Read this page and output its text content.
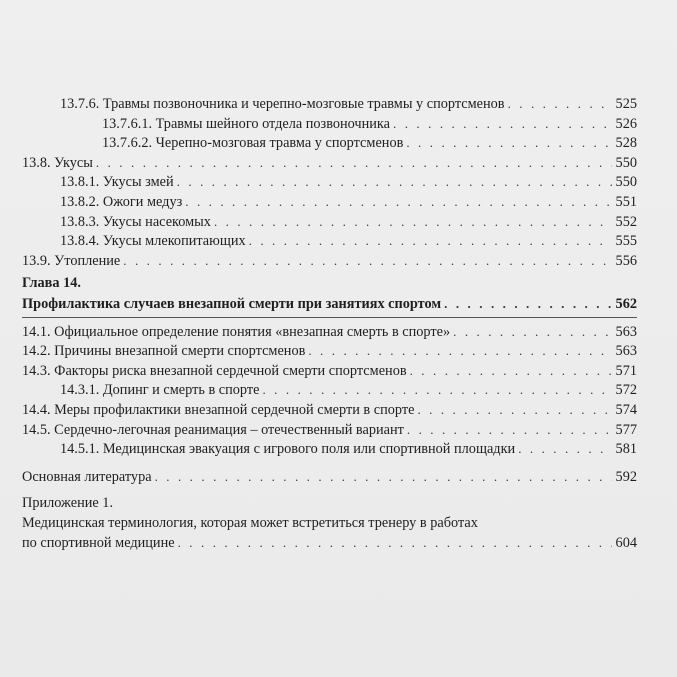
13.7.6. Травмы позвоночника и черепно-мозговые травмы у спортсменов . . .	525
13.7.6.1. Травмы шейного отдела позвоночника . . .	526
13.7.6.2. Черепно-мозговая травма у спортсменов . . .	528
13.8. Укусы . . .	550
13.8.1. Укусы змей . . .	550
13.8.2. Ожоги медуз . . .	551
13.8.3. Укусы насекомых . . .	552
13.8.4. Укусы млекопитающих . . .	555
13.9. Утопление . . .	556
Глава 14.
Профилактика случаев внезапной смерти при занятиях спортом . . .	562
14.1. Официальное определение понятия «внезапная смерть в спорте» . . .	563
14.2. Причины внезапной смерти спортсменов . . .	563
14.3. Факторы риска внезапной сердечной смерти спортсменов . . .	571
14.3.1. Допинг и смерть в спорте . . .	572
14.4. Меры профилактики внезапной сердечной смерти в спорте . . .	574
14.5. Сердечно-легочная реанимация – отечественный вариант . . .	577
14.5.1. Медицинская эвакуация с игрового поля или спортивной площадки . . .	581
Основная литература . . .	592
Приложение 1.
Медицинская терминология, которая может встретиться тренеру в работах
по спортивной медицине . . .	604
